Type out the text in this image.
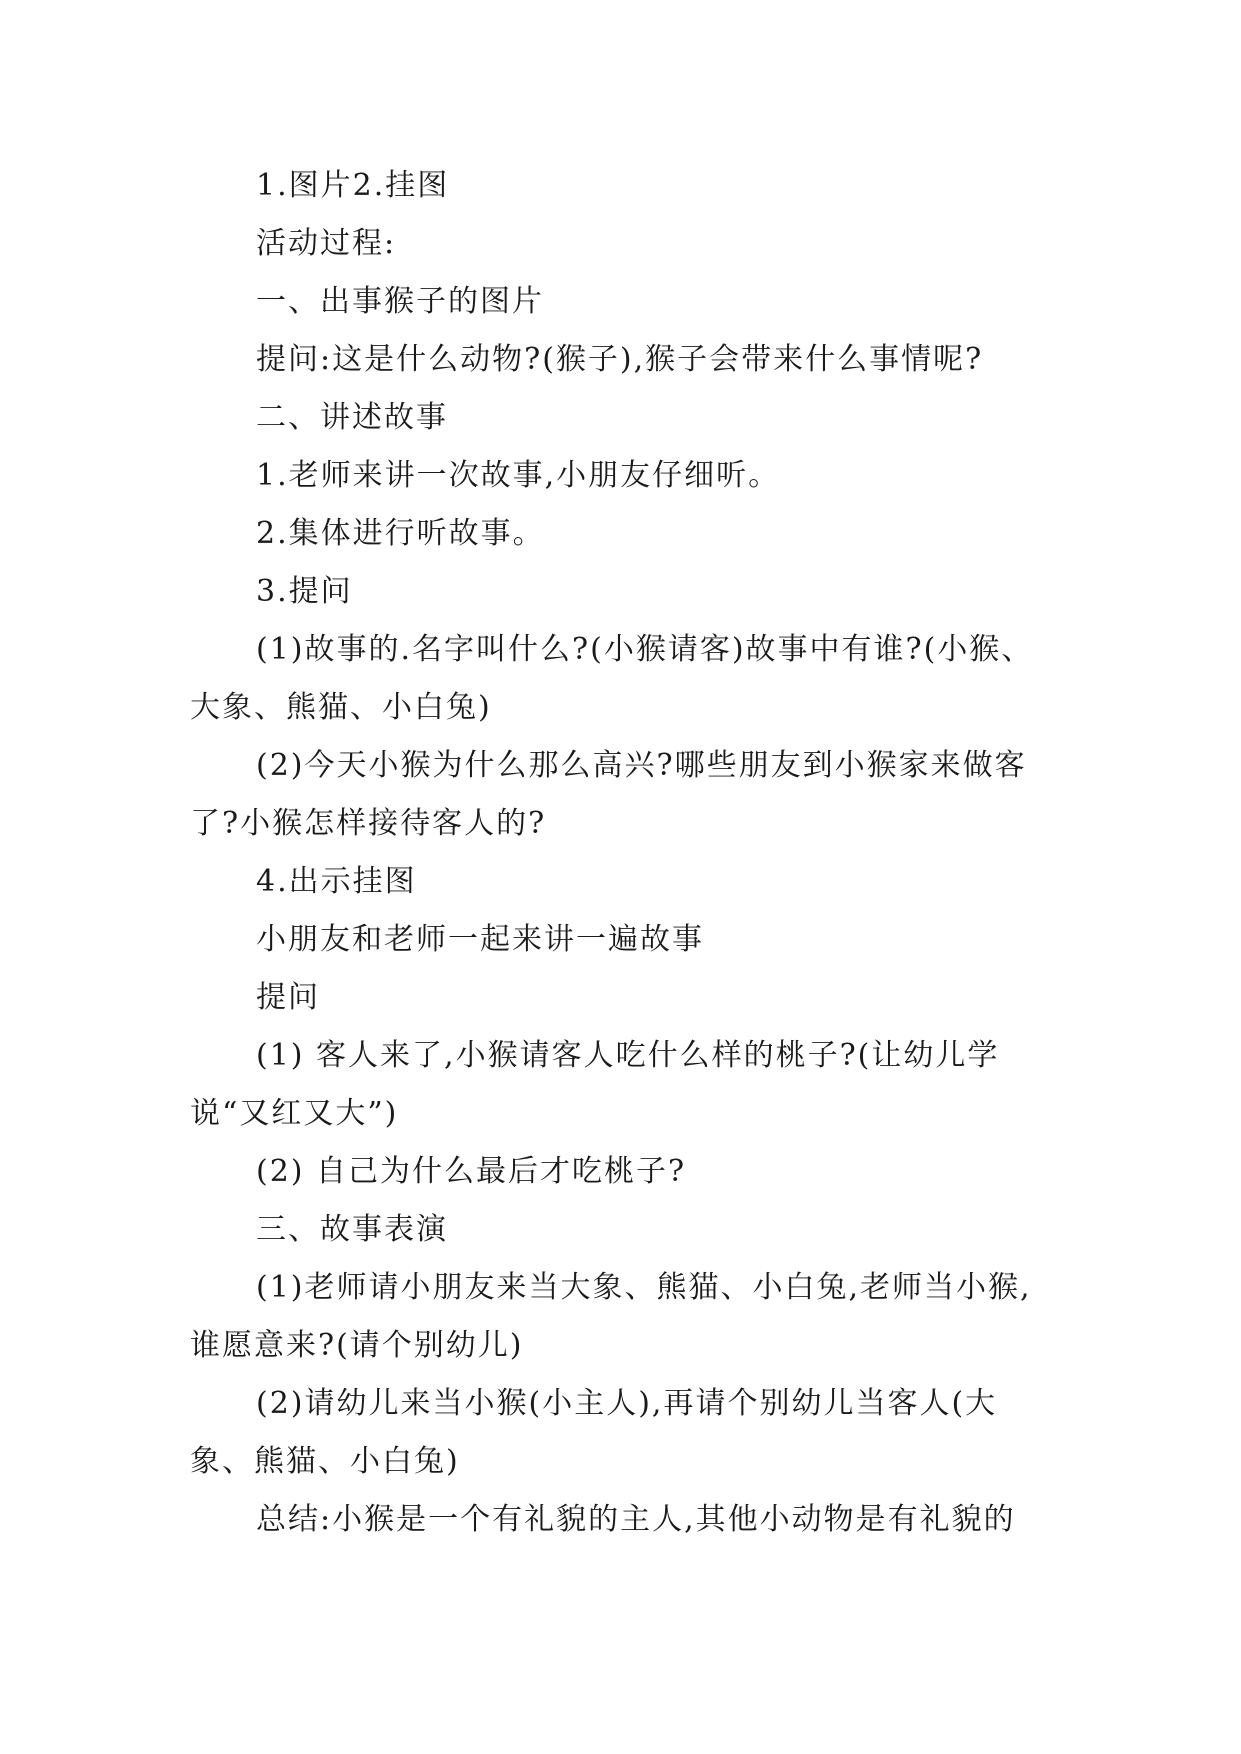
1.图片2.挂图
活动过程:
一、出事猴子的图片
提问:这是什么动物?(猴子),猴子会带来什么事情呢?
二、讲述故事
1.老师来讲一次故事,小朋友仔细听。
2.集体进行听故事。
3.提问
(1)故事的.名字叫什么?(小猴请客)故事中有谁?(小猴、
大象、熊猫、小白兔)
(2)今天小猴为什么那么高兴?哪些朋友到小猴家来做客
了?小猴怎样接待客人的?
4.出示挂图
小朋友和老师一起来讲一遍故事
提问
(1) 客人来了,小猴请客人吃什么样的桃子?(让幼儿学
说“又红又大”)
(2) 自己为什么最后才吃桃子?
三、故事表演
(1)老师请小朋友来当大象、熊猫、小白兔,老师当小猴,
谁愿意来?(请个别幼儿)
(2)请幼儿来当小猴(小主人),再请个别幼儿当客人(大
象、熊猫、小白兔)
总结:小猴是一个有礼貌的主人,其他小动物是有礼貌的
